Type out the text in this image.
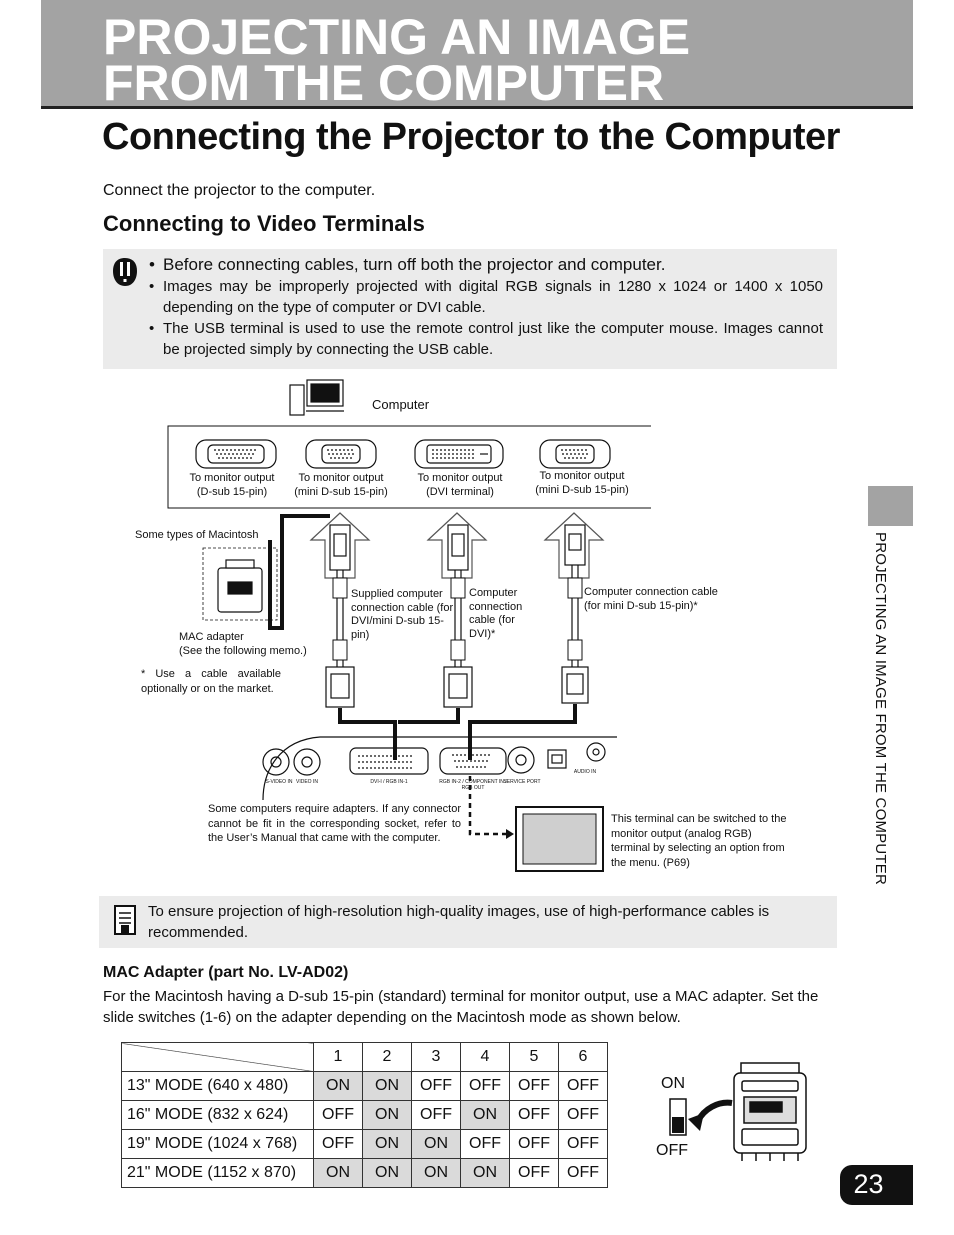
PROJECTING AN IMAGE
FROM THE COMPUTER
Connecting the Projector to the Computer
Connect the projector to the computer.
Connecting to Video Terminals
• Before connecting cables, turn off both the projector and computer.
• Images may be improperly projected with digital RGB signals in 1280 x 1024 or 1400 x 1050 depending on the type of computer or DVI cable.
• The USB terminal is used to use the remote control just like the computer mouse. Images cannot be projected simply by connecting the USB cable.
Computer
To monitor output
(D-sub 15-pin)
To monitor output
(mini D-sub 15-pin)
To monitor output
(DVI terminal)
To monitor output
(mini D-sub 15-pin)
Some types of Macintosh
MAC adapter
(See the following memo.)
* Use a cable available optionally or on the market.
Supplied computer connection cable (for DVI/mini D-sub 15-pin)
Computer connection cable (for DVI)*
Computer connection cable
(for mini D-sub 15-pin)*
S-VIDEO IN VIDEO IN	DVI-I / RGB IN-1	RGB IN-2 / COMPONENT IN / RGB OUT
SERVICE PORT
AUDIO IN
Some computers require adapters. If any connector cannot be fit in the corresponding socket, refer to the User’s Manual that came with the computer.
This terminal can be switched to the monitor output (analog RGB) terminal by selecting an option from the menu. (P69)
To ensure projection of high-resolution high-quality images, use of high-performance cables is recommended.
MAC Adapter (part No. LV-AD02)
For the Macintosh having a D-sub 15-pin (standard) terminal for monitor output, use a MAC adapter. Set the slide switches (1-6) on the adapter depending on the Macintosh mode as shown below.
	1	2	3	4	5	6
13" MODE (640 x 480)	ON	ON	OFF	OFF	OFF	OFF
16" MODE (832 x 624)	OFF	ON	OFF	ON	OFF	OFF
19" MODE (1024 x 768)	OFF	ON	ON	OFF	OFF	OFF
21" MODE (1152 x 870)	ON	ON	ON	ON	OFF	OFF
ON
OFF
PROJECTING AN IMAGE FROM THE COMPUTER
23
